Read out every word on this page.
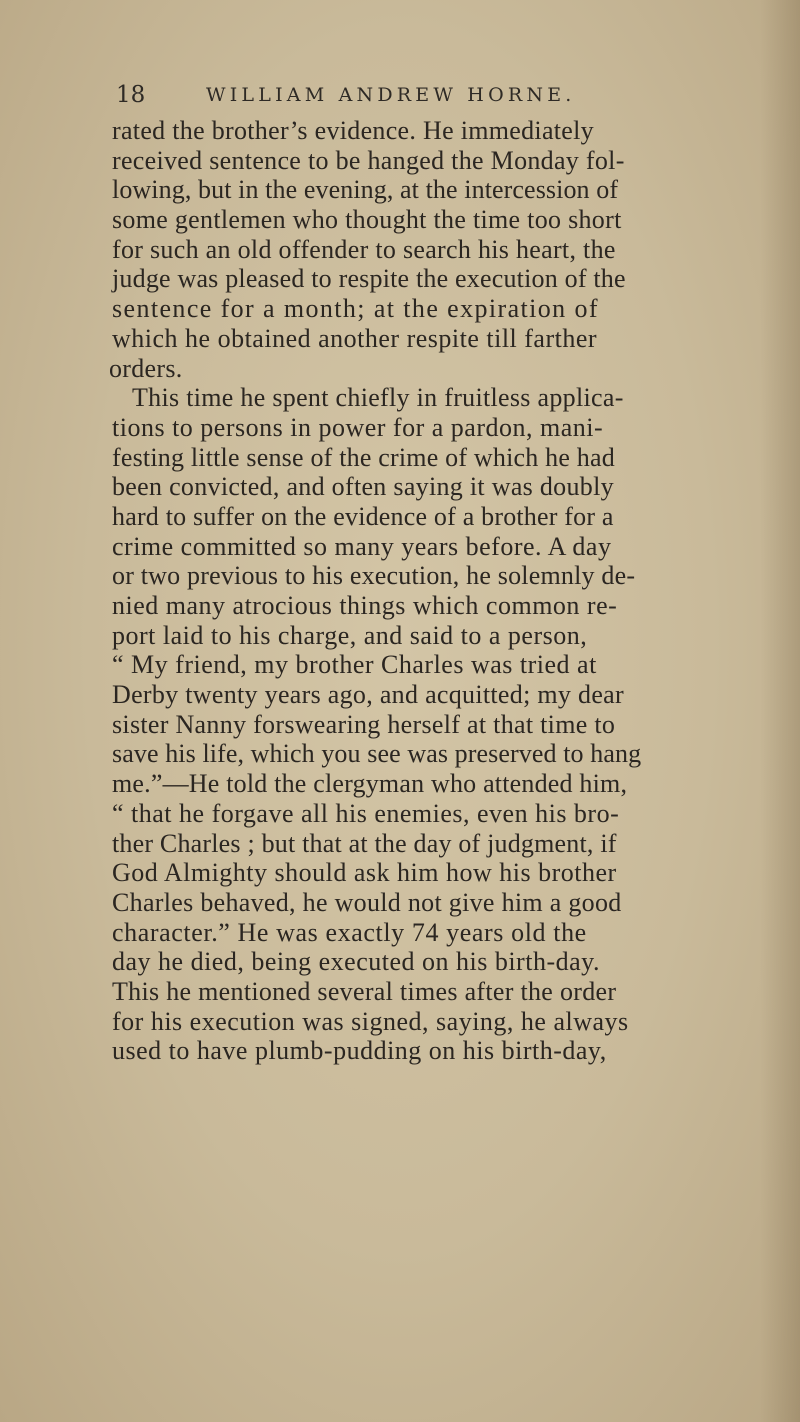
18	WILLIAM ANDREW HORNE.
rated the brother’s evidence. He immediately
received sentence to be hanged the Monday fol-
lowing, but in the evening, at the intercession of
some gentlemen who thought the time too short
for such an old offender to search his heart, the
judge was pleased to respite the execution of the
sentence for a month; at the expiration of
which he obtained another respite till farther
orders.
This time he spent chiefly in fruitless applica-
tions to persons in power for a pardon, mani-
festing little sense of the crime of which he had
been convicted, and often saying it was doubly
hard to suffer on the evidence of a brother for a
crime committed so many years before. A day
or two previous to his execution, he solemnly de-
nied many atrocious things which common re-
port laid to his charge, and said to a person,
“ My friend, my brother Charles was tried at
Derby twenty years ago, and acquitted; my dear
sister Nanny forswearing herself at that time to
save his life, which you see was preserved to hang
me.”—He told the clergyman who attended him,
“ that he forgave all his enemies, even his bro-
ther Charles ; but that at the day of judgment, if
God Almighty should ask him how his brother
Charles behaved, he would not give him a good
character.” He was exactly 74 years old the
day he died, being executed on his birth-day.
This he mentioned several times after the order
for his execution was signed, saying, he always
used to have plumb-pudding on his birth-day,
